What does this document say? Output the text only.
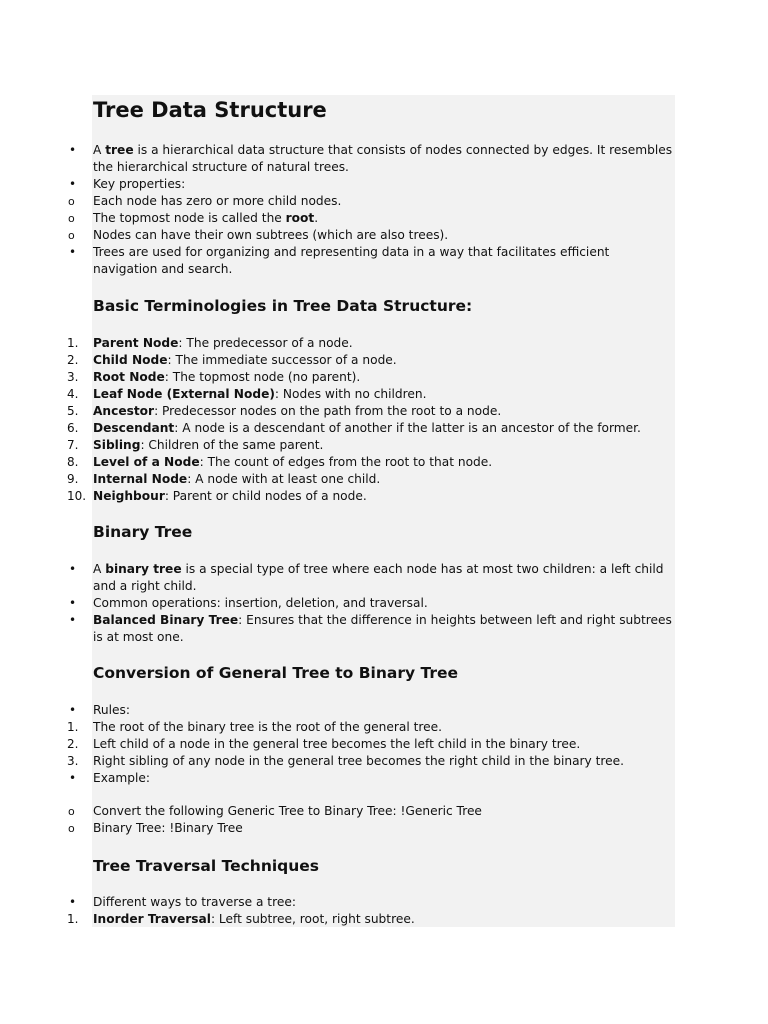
Tree Data Structure
• A tree is a hierarchical data structure that consists of nodes connected by edges. It resembles the hierarchical structure of natural trees.
• Key properties:
o Each node has zero or more child nodes.
o The topmost node is called the root.
o Nodes can have their own subtrees (which are also trees).
• Trees are used for organizing and representing data in a way that facilitates efficient navigation and search.
Basic Terminologies in Tree Data Structure:
1. Parent Node: The predecessor of a node.
2. Child Node: The immediate successor of a node.
3. Root Node: The topmost node (no parent).
4. Leaf Node (External Node): Nodes with no children.
5. Ancestor: Predecessor nodes on the path from the root to a node.
6. Descendant: A node is a descendant of another if the latter is an ancestor of the former.
7. Sibling: Children of the same parent.
8. Level of a Node: The count of edges from the root to that node.
9. Internal Node: A node with at least one child.
10. Neighbour: Parent or child nodes of a node.
Binary Tree
• A binary tree is a special type of tree where each node has at most two children: a left child and a right child.
• Common operations: insertion, deletion, and traversal.
• Balanced Binary Tree: Ensures that the difference in heights between left and right subtrees is at most one.
Conversion of General Tree to Binary Tree
• Rules:
1. The root of the binary tree is the root of the general tree.
2. Left child of a node in the general tree becomes the left child in the binary tree.
3. Right sibling of any node in the general tree becomes the right child in the binary tree.
• Example:
o Convert the following Generic Tree to Binary Tree: !Generic Tree
o Binary Tree: !Binary Tree
Tree Traversal Techniques
• Different ways to traverse a tree:
1. Inorder Traversal: Left subtree, root, right subtree.
